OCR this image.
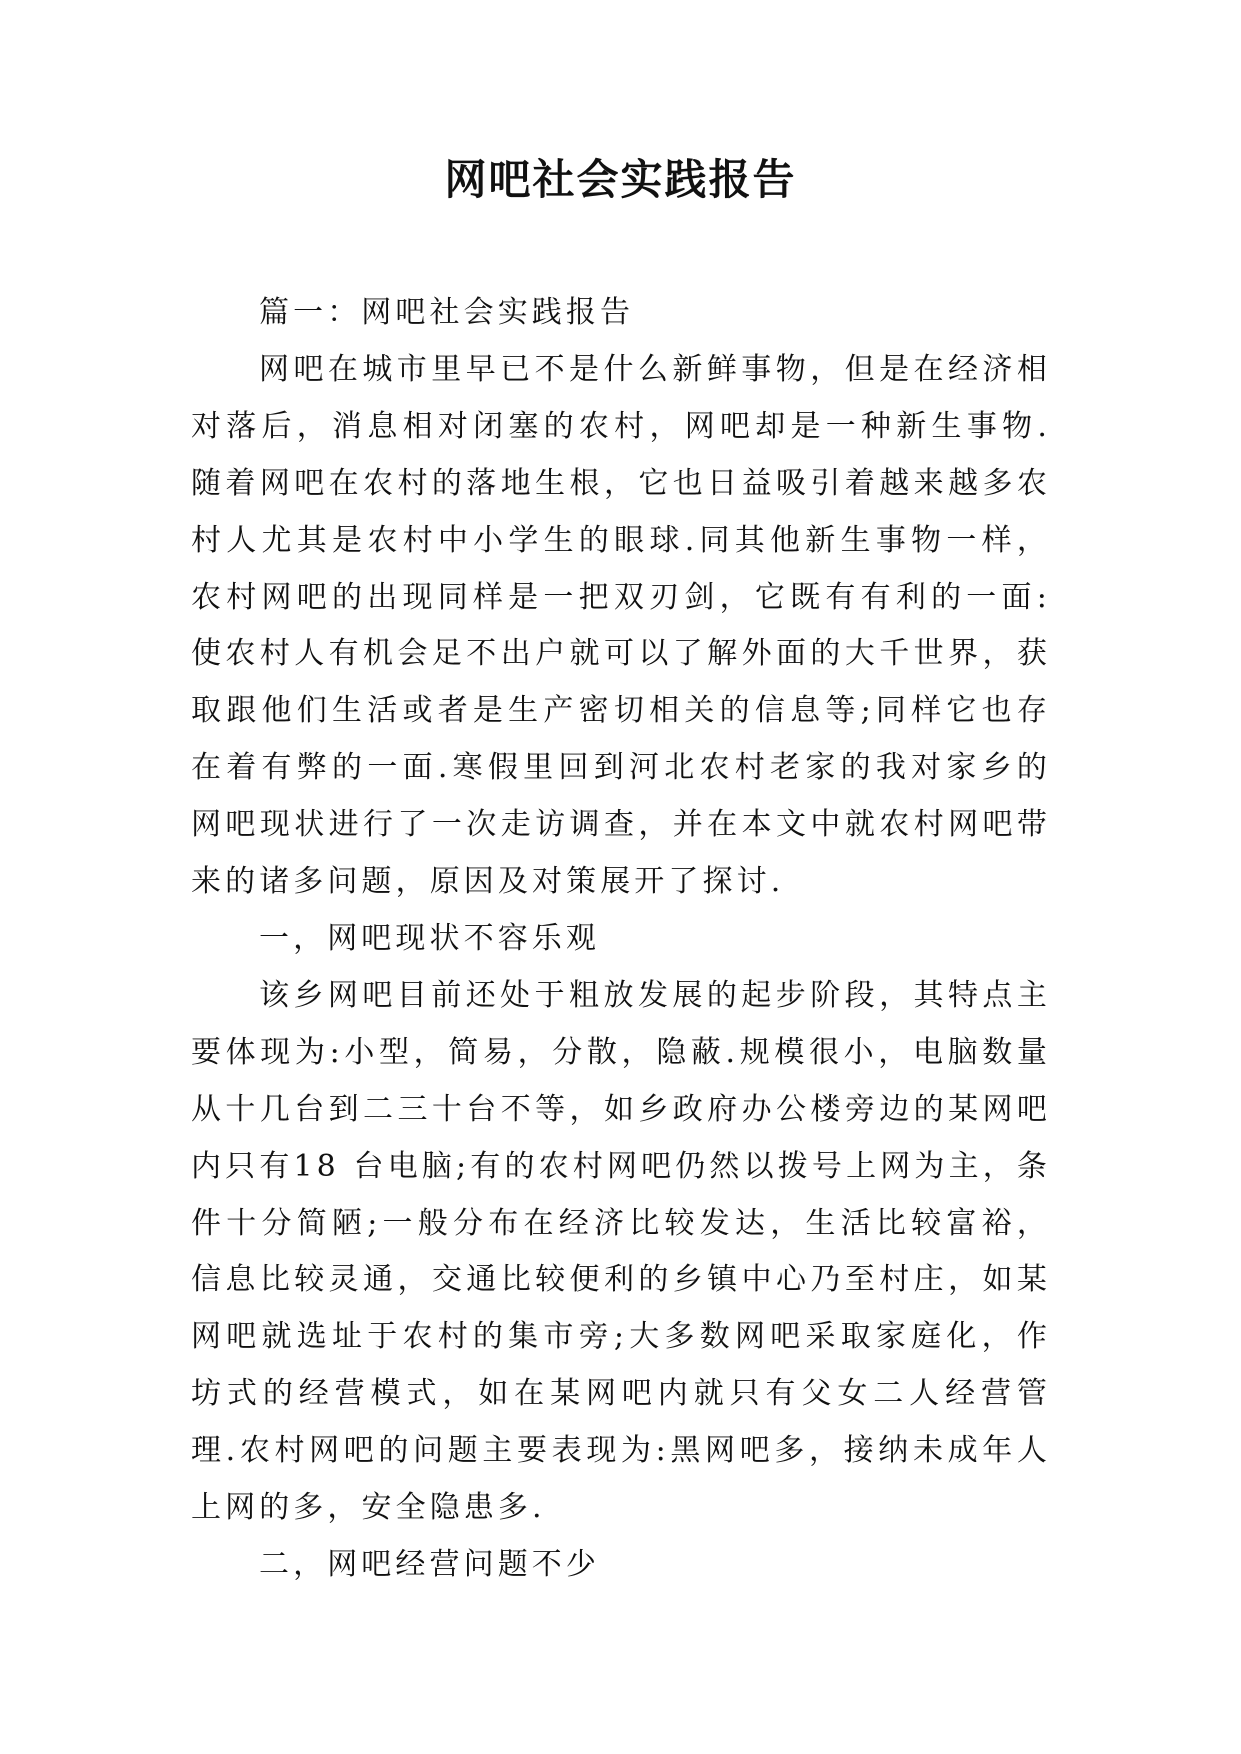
网吧社会实践报告

篇一：网吧社会实践报告

网吧在城市里早已不是什么新鲜事物，但是在经济相对落后，消息相对闭塞的农村，网吧却是一种新生事物.随着网吧在农村的落地生根，它也日益吸引着越来越多农村人尤其是农村中小学生的眼球.同其他新生事物一样，农村网吧的出现同样是一把双刃剑，它既有有利的一面:使农村人有机会足不出户就可以了解外面的大千世界，获取跟他们生活或者是生产密切相关的信息等;同样它也存在着有弊的一面.寒假里回到河北农村老家的我对家乡的网吧现状进行了一次走访调查，并在本文中就农村网吧带来的诸多问题，原因及对策展开了探讨.

一，网吧现状不容乐观

该乡网吧目前还处于粗放发展的起步阶段，其特点主要体现为:小型，简易，分散，隐蔽.规模很小，电脑数量从十几台到二三十台不等，如乡政府办公楼旁边的某网吧内只有18 台电脑;有的农村网吧仍然以拨号上网为主，条件十分简陋;一般分布在经济比较发达，生活比较富裕，信息比较灵通，交通比较便利的乡镇中心乃至村庄，如某网吧就选址于农村的集市旁;大多数网吧采取家庭化，作坊式的经营模式，如在某网吧内就只有父女二人经营管理.农村网吧的问题主要表现为:黑网吧多，接纳未成年人上网的多，安全隐患多.

二，网吧经营问题不少
